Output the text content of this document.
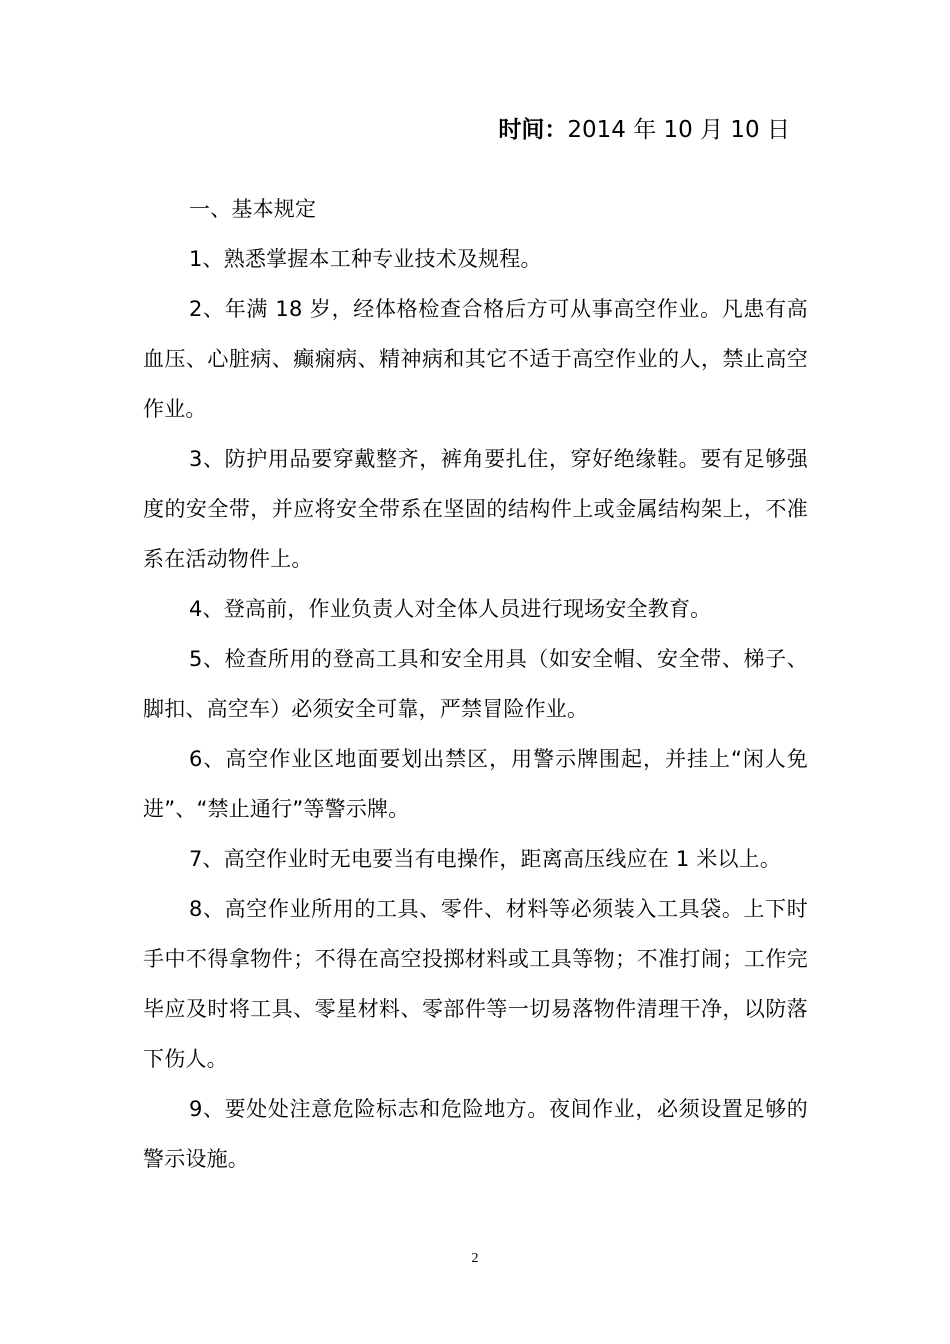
时间：2014 年 10 月 10 日

一、基本规定

1、熟悉掌握本工种专业技术及规程。

2、年满 18 岁，经体格检查合格后方可从事高空作业。凡患有高血压、心脏病、癫痫病、精神病和其它不适于高空作业的人，禁止高空作业。

3、防护用品要穿戴整齐，裤角要扎住，穿好绝缘鞋。要有足够强度的安全带，并应将安全带系在坚固的结构件上或金属结构架上，不准系在活动物件上。

4、登高前，作业负责人对全体人员进行现场安全教育。

5、检查所用的登高工具和安全用具（如安全帽、安全带、梯子、脚扣、高空车）必须安全可靠，严禁冒险作业。

6、高空作业区地面要划出禁区，用警示牌围起，并挂上“闲人免进”、“禁止通行”等警示牌。

7、高空作业时无电要当有电操作，距离高压线应在 1 米以上。

8、高空作业所用的工具、零件、材料等必须装入工具袋。上下时手中不得拿物件；不得在高空投掷材料或工具等物；不准打闹；工作完毕应及时将工具、零星材料、零部件等一切易落物件清理干净，以防落下伤人。

9、要处处注意危险标志和危险地方。夜间作业，必须设置足够的警示设施。

2
